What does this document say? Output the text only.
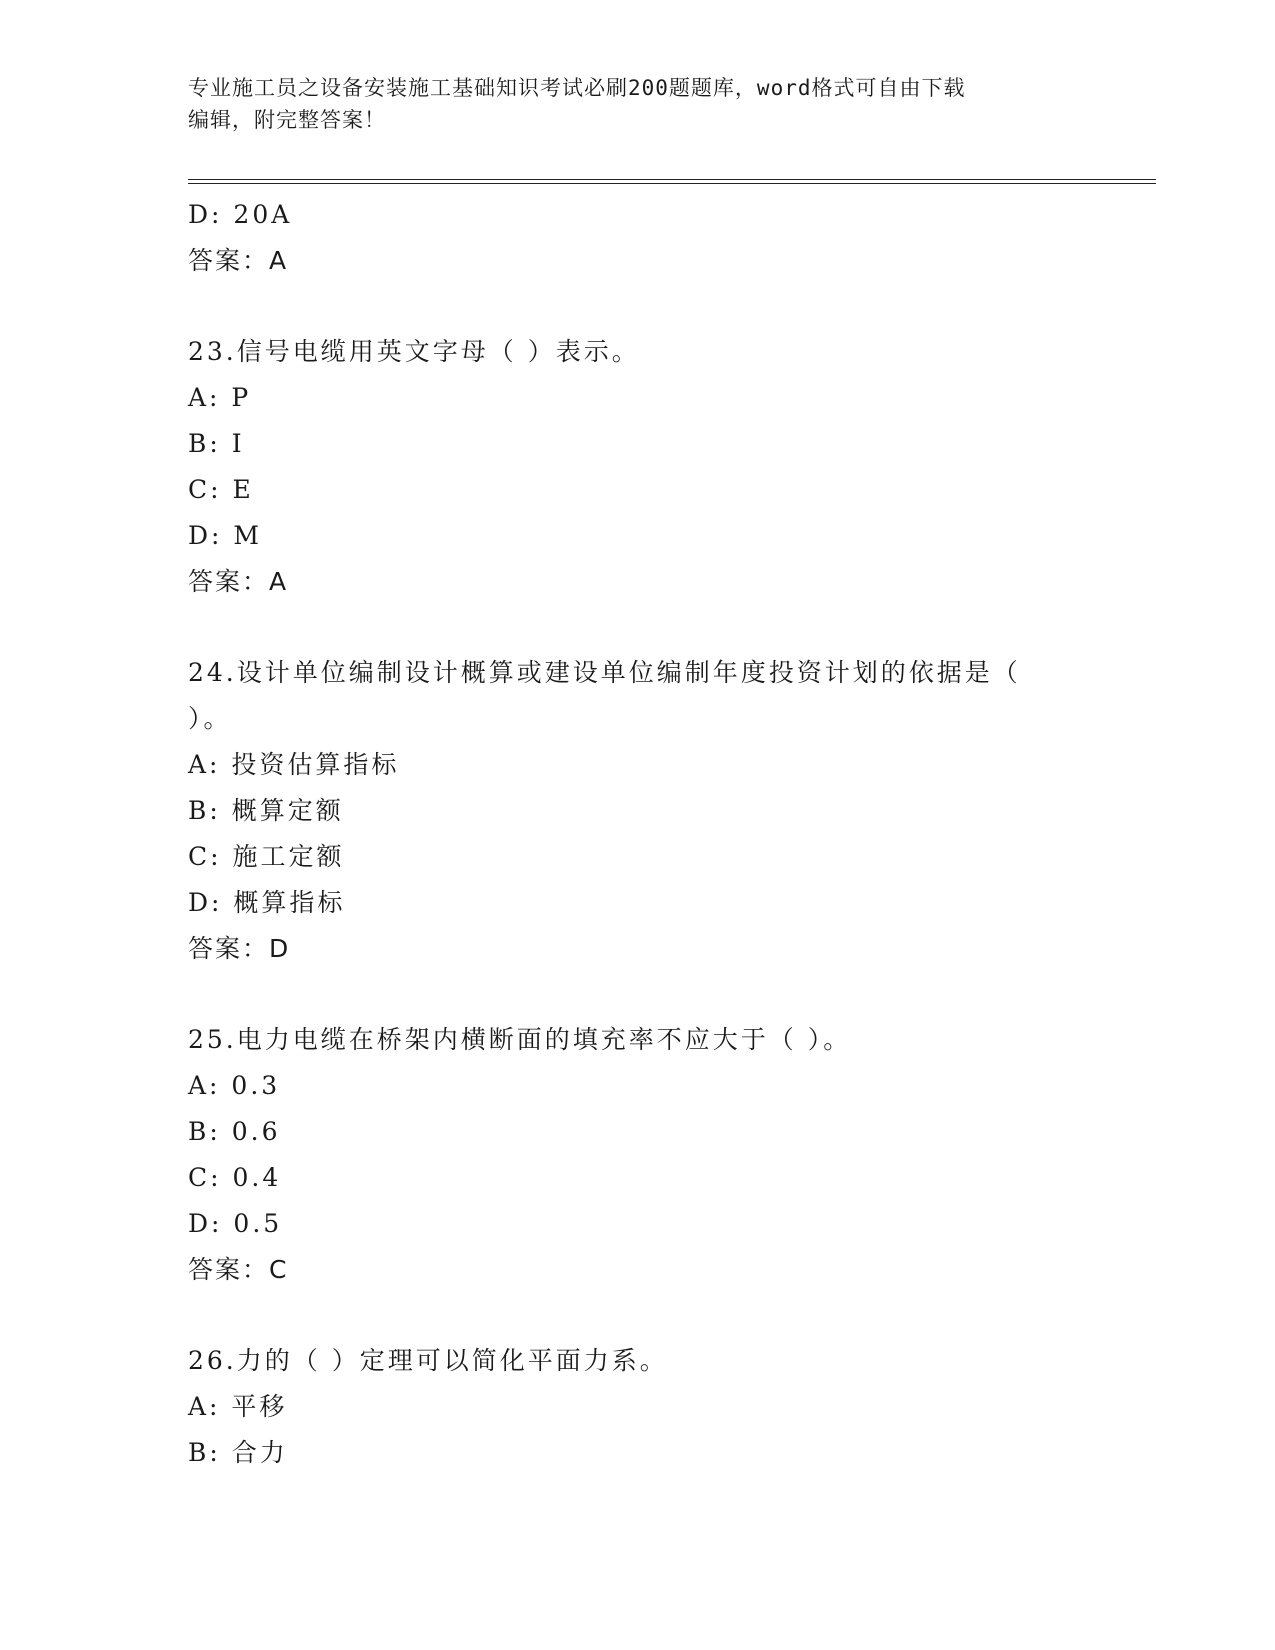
专业施工员之设备安装施工基础知识考试必刷200题题库，word格式可自由下载
编辑，附完整答案！
D: 20A
答案：A
23.信号电缆用英文字母（ ）表示。
A: P
B: I
C: E
D: M
答案：A
24.设计单位编制设计概算或建设单位编制年度投资计划的依据是（
）。
A: 投资估算指标
B: 概算定额
C: 施工定额
D: 概算指标
答案：D
25.电力电缆在桥架内横断面的填充率不应大于（ ）。
A: 0.3
B: 0.6
C: 0.4
D: 0.5
答案：C
26.力的（ ）定理可以简化平面力系。
A: 平移
B: 合力
